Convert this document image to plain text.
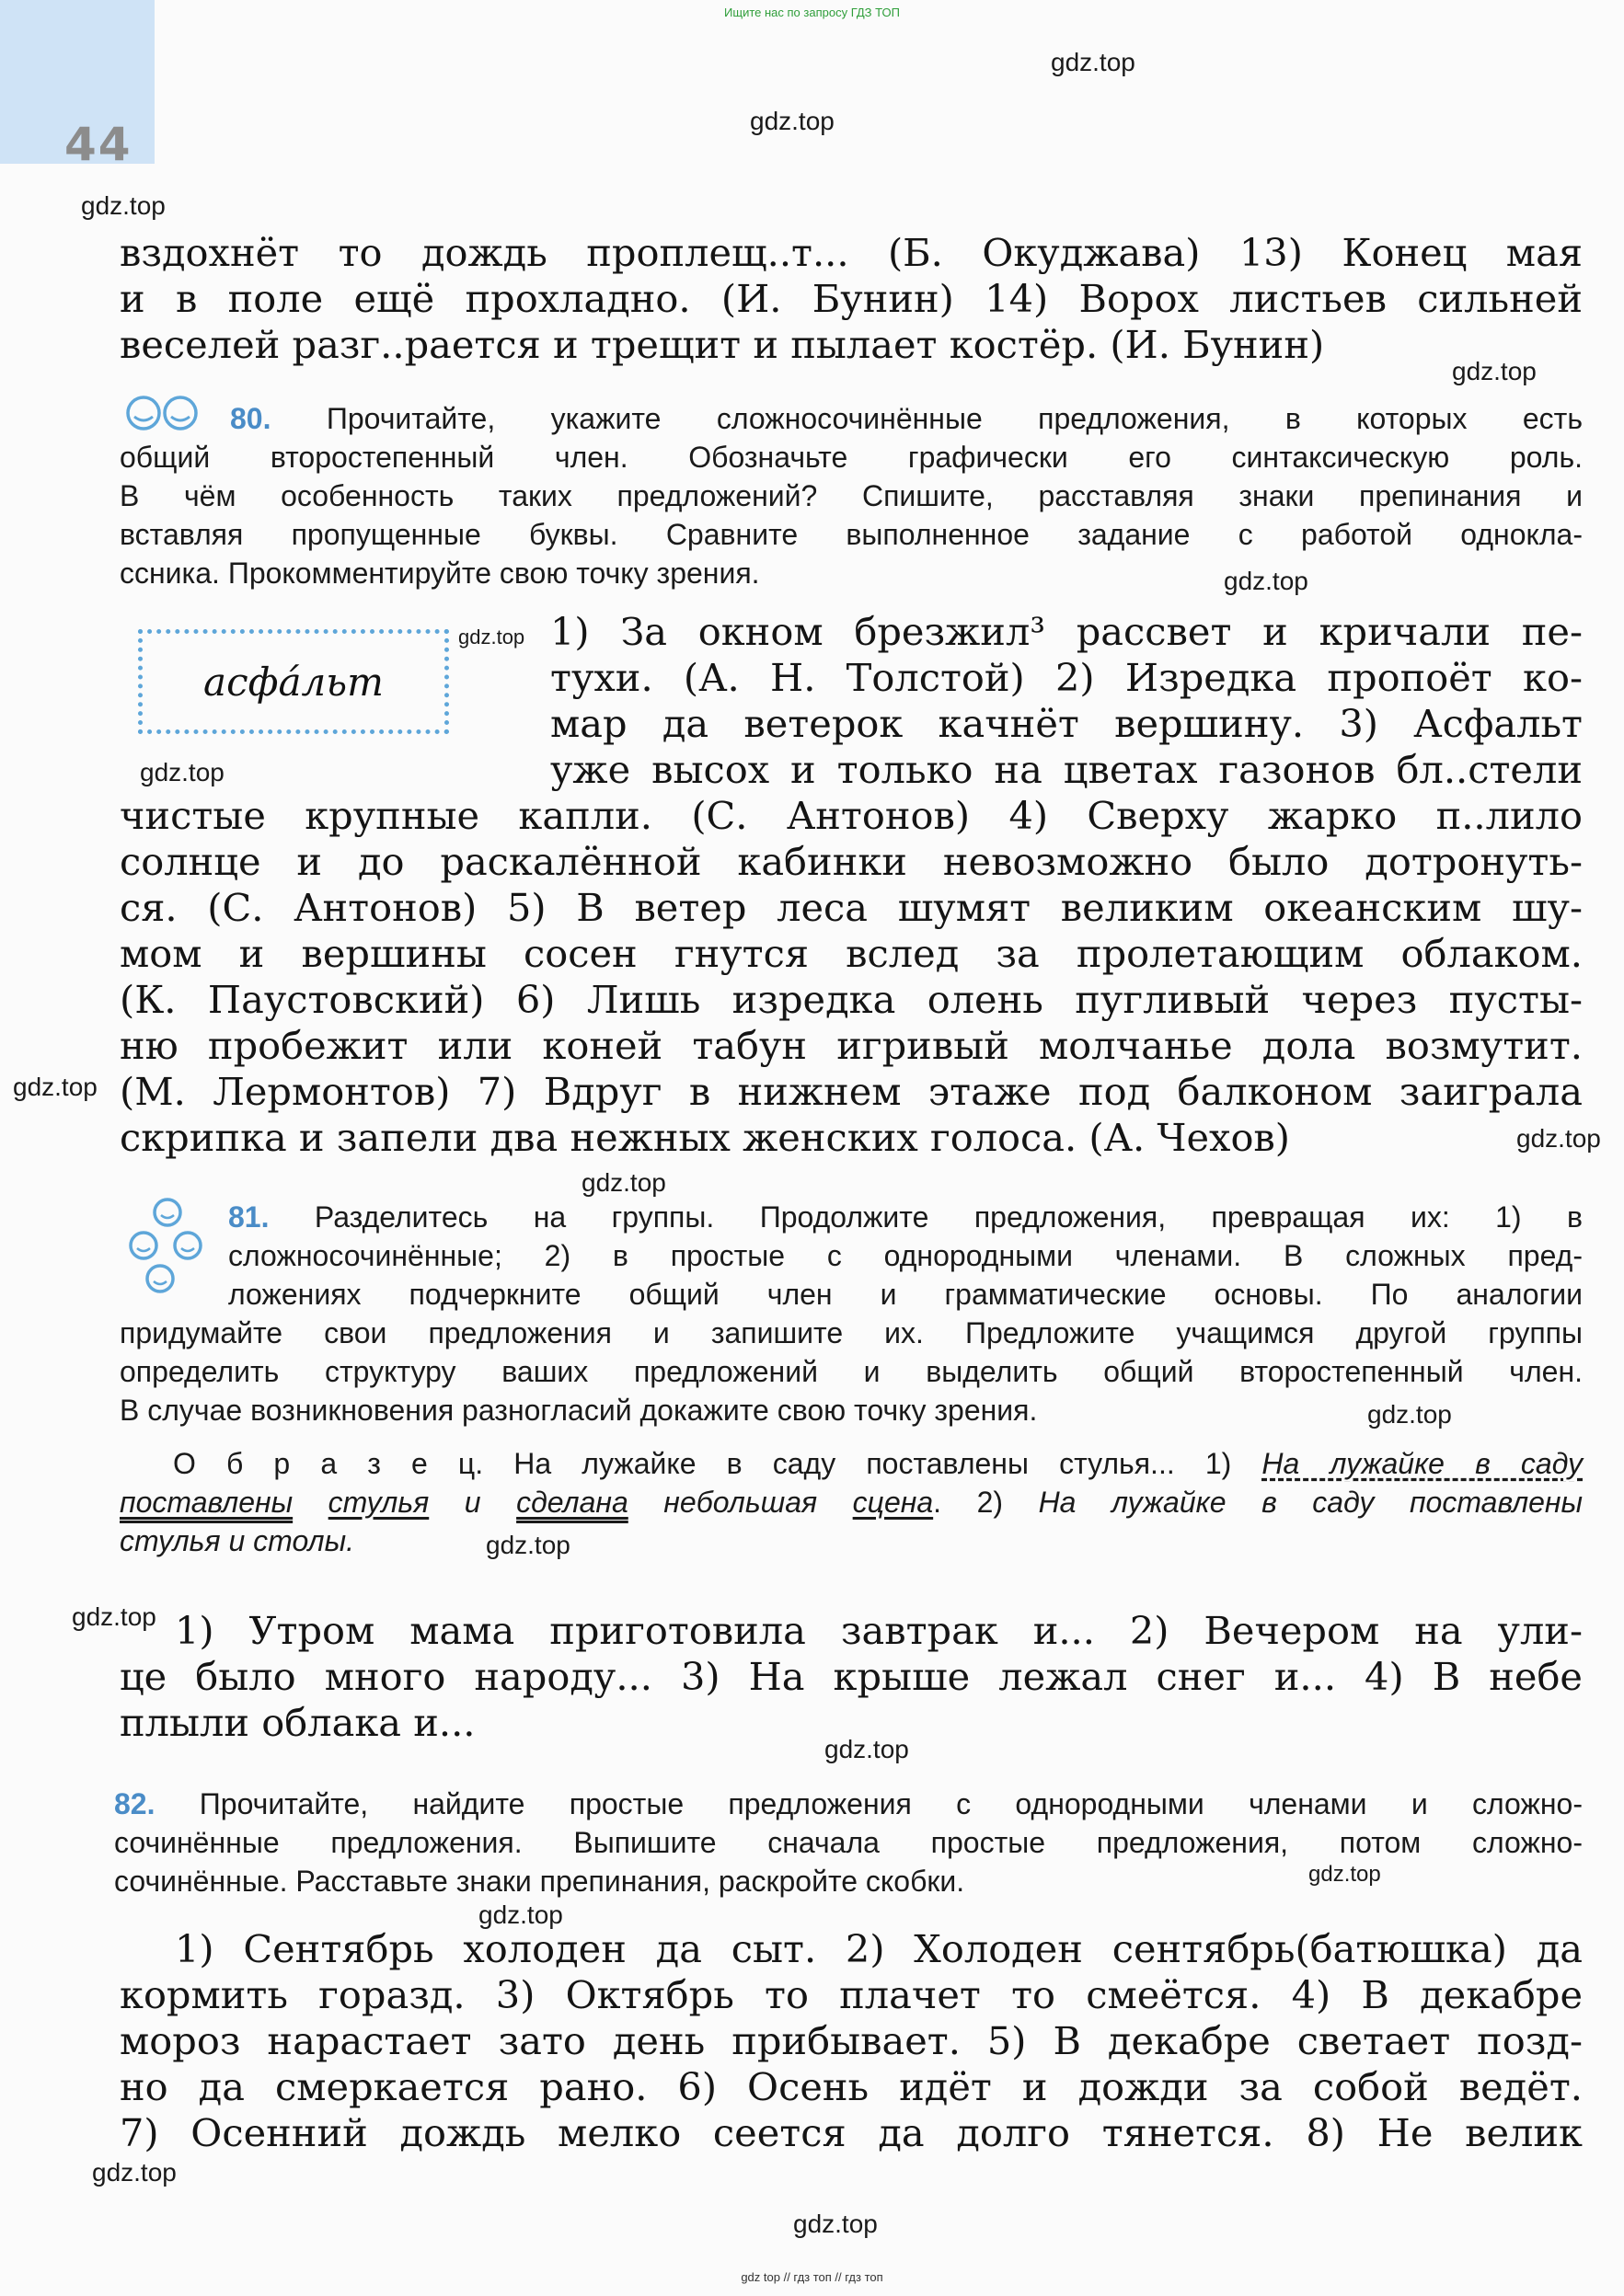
Ищите нас по запросу ГДЗ ТОП
44
gdz.top
gdz.top
gdz.top
gdz.top
gdz.top
gdz.top
gdz.top
gdz.top
gdz.top
gdz.top
gdz.top
gdz.top
gdz.top
gdz.top
gdz.top
gdz.top
gdz.top
gdz.top
вздохнёт то дождь проплещ..т... (Б. Окуджава) 13) Конец мая
и в поле ещё прохладно. (И. Бунин) 14) Ворох листьев сильней
веселей разг..рается и трещит и пылает костёр. (И. Бунин)
80. Прочитайте, укажите сложносочинённые предложения, в которых есть
общий второстепенный член. Обозначьте графически его синтаксическую роль.
В чём особенность таких предложений? Спишите, расставляя знаки препинания и
вставляя пропущенные буквы. Сравните выполненное задание с работой однокла-
ссника. Прокомментируйте свою точку зрения.
асфа́льт
1) За окном брезжил³ рассвет и кричали пе-
тухи. (А. Н. Толстой) 2) Изредка пропоёт ко-
мар да ветерок качнёт вершину. 3) Асфальт
уже высох и только на цветах газонов бл..стели
чистые крупные капли. (С. Антонов) 4) Сверху жарко п..лило
солнце и до раскалённой кабинки невозможно было дотронуть-
ся. (С. Антонов) 5) В ветер леса шумят великим океанским шу-
мом и вершины сосен гнутся вслед за пролетающим облаком.
(К. Паустовский) 6) Лишь изредка олень пугливый через пусты-
ню пробежит или коней табун игривый молчанье дола возмутит.
(М. Лермонтов) 7) Вдруг в нижнем этаже под балконом заиграла
скрипка и запели два нежных женских голоса. (А. Чехов)
81. Разделитесь на группы. Продолжите предложения, превращая их: 1) в
сложносочинённые; 2) в простые с однородными членами. В сложных пред-
ложениях подчеркните общий член и грамматические основы. По аналогии
придумайте свои предложения и запишите их. Предложите учащимся другой группы
определить структуру ваших предложений и выделить общий второстепенный член.
В случае возникновения разногласий докажите свою точку зрения.
О б р а з е ц. На лужайке в саду поставлены стулья... 1) На лужайке в саду
поставлены стулья и сделана небольшая сцена. 2) На лужайке в саду поставлены
стулья и столы.
1) Утром мама приготовила завтрак и... 2) Вечером на ули-
це было много народу... 3) На крыше лежал снег и... 4) В небе
плыли облака и...
82. Прочитайте, найдите простые предложения с однородными членами и сложно-
сочинённые предложения. Выпишите сначала простые предложения, потом сложно-
сочинённые. Расставьте знаки препинания, раскройте скобки.
1) Сентябрь холоден да сыт. 2) Холоден сентябрь(батюшка) да
кормить горазд. 3) Октябрь то плачет то смеётся. 4) В декабре
мороз нарастает зато день прибывает. 5) В декабре светает позд-
но да смеркается рано. 6) Осень идёт и дожди за собой ведёт.
7) Осенний дождь мелко сеется да долго тянется. 8) Не велик
gdz top // гдз топ // гдз топ
